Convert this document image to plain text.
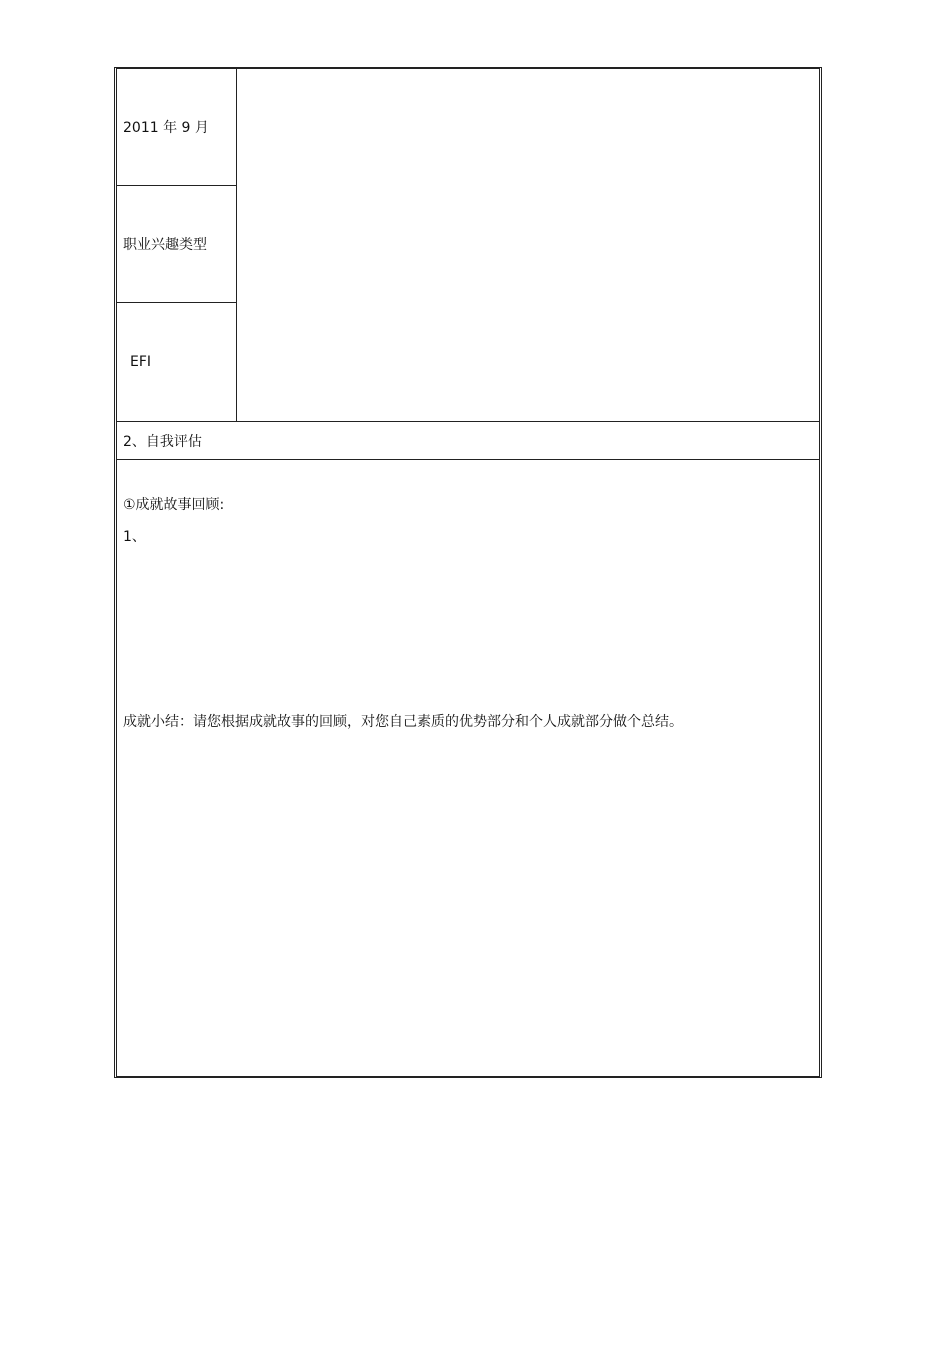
2011 年 9 月
职业兴趣类型
EFI
2、自我评估
①成就故事回顾:
1、
成就小结：请您根据成就故事的回顾，对您自己素质的优势部分和个人成就部分做个总结。
